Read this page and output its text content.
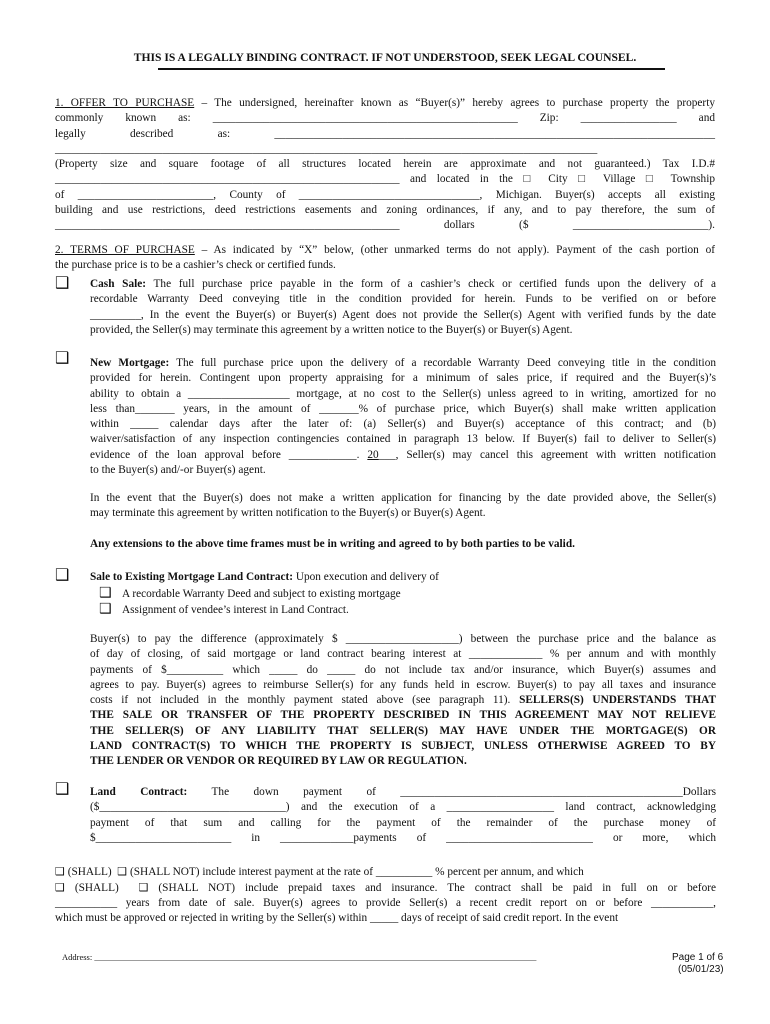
THIS IS A LEGALLY BINDING CONTRACT. IF NOT UNDERSTOOD, SEEK LEGAL COUNSEL.
1. OFFER TO PURCHASE – The undersigned, hereinafter known as “Buyer(s)” hereby agrees to purchase property the property
commonly known as: ______________________________________________________ Zip: _________________ and
legally described as: ______________________________________________________________________________
________________________________________________________________________________________________
(Property size and square footage of all structures located herein are approximate and not guaranteed.) Tax I.D.#
_____________________________________________________________ and located in the □ City □ Village □ Township
of ________________________, County of ________________________________, Michigan. Buyer(s) accepts all existing
building and use restrictions, deed restrictions easements and zoning ordinances, if any, and to pay therefore, the sum of
_____________________________________________________________ dollars ($ ________________________).
2. TERMS OF PURCHASE – As indicated by “X” below, (other unmarked terms do not apply). Payment of the cash portion of
the purchase price is to be a cashier’s check or certified funds.
❑ Cash Sale: The full purchase price payable in the form of a cashier’s check or certified funds upon the delivery of a
recordable Warranty Deed conveying title in the condition provided for herein. Funds to be verified on or before
_________, In the event the Buyer(s) or Buyer(s) Agent does not provide the Seller(s) Agent with verified funds by the date
provided, the Seller(s) may terminate this agreement by a written notice to the Buyer(s) or Buyer(s) Agent.
❑ New Mortgage: The full purchase price upon the delivery of a recordable Warranty Deed conveying title in the condition
provided for herein. Contingent upon property appraising for a minimum of sales price, if required and the Buyer(s)’s
ability to obtain a __________________ mortgage, at no cost to the Seller(s) unless agreed to in writing, amortized for no
less than_______ years, in the amount of _______% of purchase price, which Buyer(s) shall make written application
within _____ calendar days after the later of: (a) Seller(s) and Buyer(s) acceptance of this contract; and (b)
waiver/satisfaction of any inspection contingencies contained in paragraph 13 below. If Buyer(s) fail to deliver to Seller(s)
evidence of the loan approval before ____________. 20___, Seller(s) may cancel this agreement with written notification
to the Buyer(s) and/-or Buyer(s) agent.
In the event that the Buyer(s) does not make a written application for financing by the date provided above, the Seller(s)
may terminate this agreement by written notification to the Buyer(s) or Buyer(s) Agent.
Any extensions to the above time frames must be in writing and agreed to by both parties to be valid.
❑ Sale to Existing Mortgage Land Contract: Upon execution and delivery of
❑ A recordable Warranty Deed and subject to existing mortgage
❑ Assignment of vendee’s interest in Land Contract.
Buyer(s) to pay the difference (approximately $ ____________________) between the purchase price and the balance as
of day of closing, of said mortgage or land contract bearing interest at _____________ % per annum and with monthly
payments of $__________ which _____ do _____ do not include tax and/or insurance, which Buyer(s) assumes and
agrees to pay. Buyer(s) agrees to reimburse Seller(s) for any funds held in escrow. Buyer(s) to pay all taxes and insurance
costs if not included in the monthly payment stated above (see paragraph 11). SELLERS(S) UNDERSTANDS THAT
THE SALE OR TRANSFER OF THE PROPERTY DESCRIBED IN THIS AGREEMENT MAY NOT RELIEVE
THE SELLER(S) OF ANY LIABILITY THAT SELLER(S) MAY HAVE UNDER THE MORTGAGE(S) OR
LAND CONTRACT(S) TO WHICH THE PROPERTY IS SUBJECT, UNLESS OTHERWISE AGREED TO BY
THE LENDER OR VENDOR OR REQUIRED BY LAW OR REGULATION.
❑ Land Contract: The down payment of __________________________________________________Dollars
($_________________________________) and the execution of a ___________________ land contract, acknowledging
payment of that sum and calling for the payment of the remainder of the purchase money of
$________________________ in _____________payments of __________________________ or more, which
❑ (SHALL) ❑ (SHALL NOT) include interest payment at the rate of __________ % percent per annum, and which
❑ (SHALL) ❑ (SHALL NOT) include prepaid taxes and insurance. The contract shall be paid in full on or before
___________ years from date of sale. Buyer(s) agrees to provide Seller(s) a recent credit report on or before ___________,
which must be approved or rejected in writing by the Seller(s) within _____ days of receipt of said credit report. In the event
Address: ________________________________________________________________________________________________________	Page 1 of 6
(05/01/23)
